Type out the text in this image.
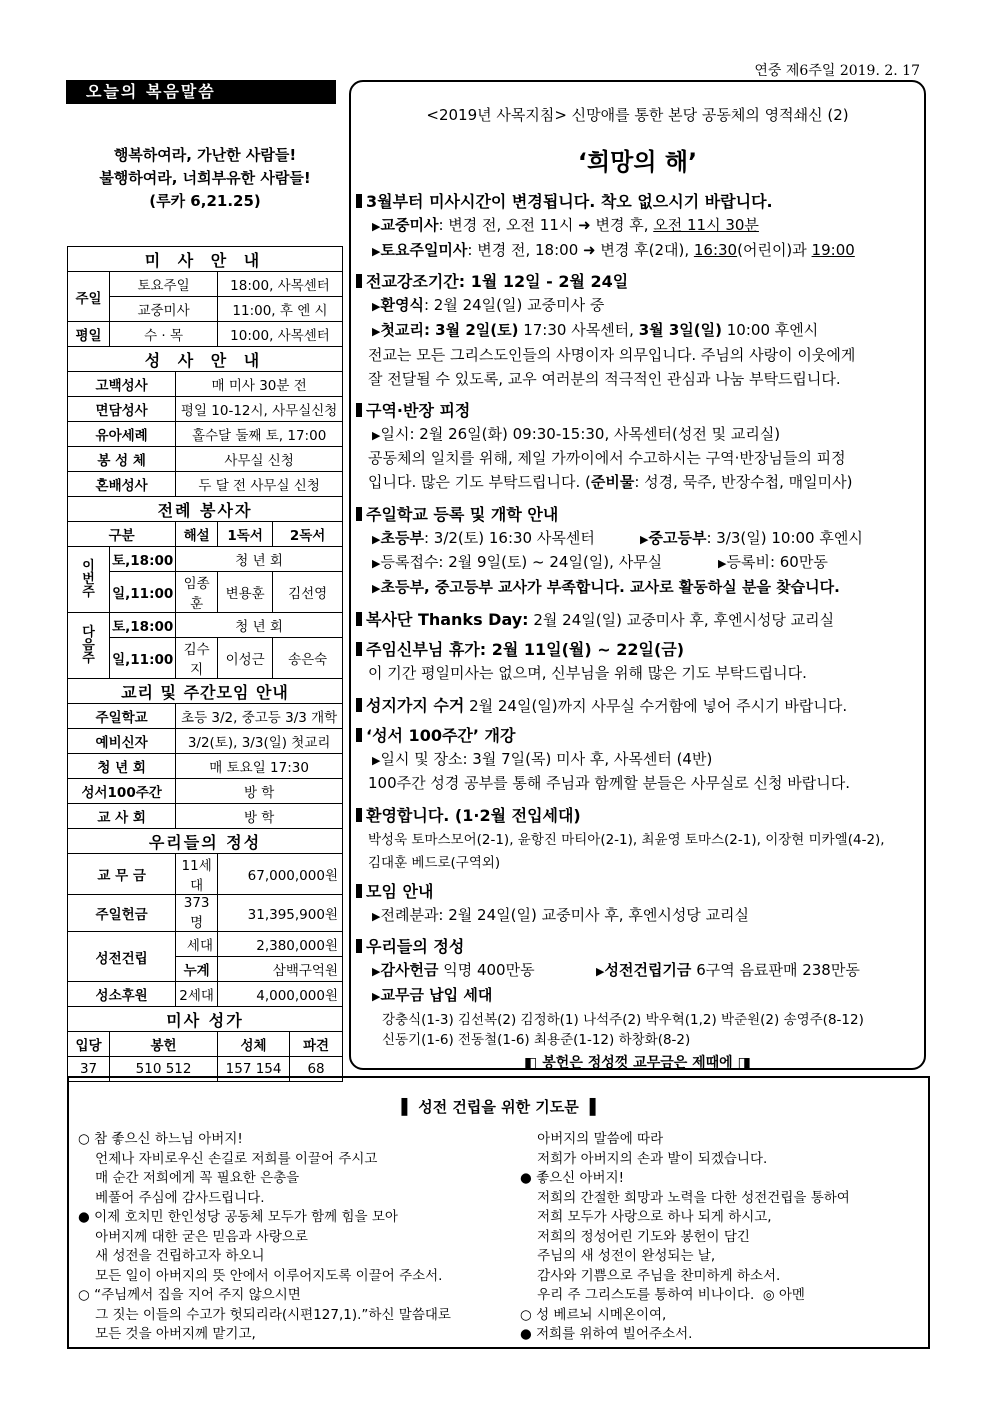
연중 제6주일 2019. 2. 17
오늘의 복음말씀
행복하여라, 가난한 사람들!
불행하여라, 너희부유한 사람들!
(루카 6,21.25)
미 사 안 내					
주일	토요주일		18:00, 사목센터		
	교중미사		11:00, 후 엔 시		
평일	수 · 목		10:00, 사목센터		
성 사 안 내					
고백성사		매 미사 30분 전			
면담성사		평일 10-12시, 사무실신청			
유아세례		홀수달 둘째 토, 17:00			
봉 성 체		사무실 신청			
혼배성사		두 달 전 사무실 신청			
전례 봉사자					
구분		해설	1독서	2독서	

이
번
주	토,18:00	청 년 회			
	일,11:00	임종훈	변용훈	김선영	

다
음
주	토,18:00	청 년 회			
	일,11:00	김수지	이성근	송은숙	
교리 및 주간모임 안내					
주일학교		초등 3/2, 중고등 3/3 개학			
예비신자		3/2(토), 3/3(일) 첫교리			
청 년 회		매 토요일 17:30			
성서100주간		방 학			
교 사 회		방 학			
우리들의 정성					
교 무 금		11세대	67,000,000원		
주일헌금		373명	31,395,900원		
성전건립		세대	2,380,000원		
		누계	삼백구억원		
성소후원		2세대	4,000,000원		
미사 성가					
입당	봉헌		성체		파견
37	510 512		157 154		68
<2019년 사목지침> 신망애를 통한 본당 공동체의 영적쇄신 (2)
‘희망의 해’
3월부터 미사시간이 변경됩니다. 착오 없으시기 바랍니다.
▶교중미사: 변경 전, 오전 11시 ➜ 변경 후, 오전 11시 30분
▶토요주일미사: 변경 전, 18:00 ➜ 변경 후(2대), 16:30(어린이)과 19:00
전교강조기간: 1월 12일 - 2월 24일
▶환영식: 2월 24일(일) 교중미사 중
▶첫교리: 3월 2일(토) 17:30 사목센터, 3월 3일(일) 10:00 후엔시
전교는 모든 그리스도인들의 사명이자 의무입니다. 주님의 사랑이 이웃에게
잘 전달될 수 있도록, 교우 여러분의 적극적인 관심과 나눔 부탁드립니다.
구역·반장 피정
▶일시: 2월 26일(화) 09:30-15:30, 사목센터(성전 및 교리실)
공동체의 일치를 위해, 제일 가까이에서 수고하시는 구역·반장님들의 피정
입니다. 많은 기도 부탁드립니다. (준비물: 성경, 묵주, 반장수첩, 매일미사)
주일학교 등록 및 개학 안내
▶초등부: 3/2(토) 16:30 사목센터	▶중고등부: 3/3(일) 10:00 후엔시
▶등록접수: 2월 9일(토) ~ 24일(일), 사무실	▶등록비: 60만동
▶초등부, 중고등부 교사가 부족합니다. 교사로 활동하실 분을 찾습니다.
복사단 Thanks Day: 2월 24일(일) 교중미사 후, 후엔시성당 교리실
주임신부님 휴가: 2월 11일(월) ~ 22일(금)
이 기간 평일미사는 없으며, 신부님을 위해 많은 기도 부탁드립니다.
성지가지 수거 2월 24일(일)까지 사무실 수거함에 넣어 주시기 바랍니다.
‘성서 100주간’ 개강
▶일시 및 장소: 3월 7일(목) 미사 후, 사목센터 (4반)
100주간 성경 공부를 통해 주님과 함께할 분들은 사무실로 신청 바랍니다.
환영합니다. (1·2월 전입세대)
박성욱 토마스모어(2-1), 윤항진 마티아(2-1), 최윤영 토마스(2-1), 이장현 미카엘(4-2),
김대훈 베드로(구역외)
모임 안내
▶전례분과: 2월 24일(일) 교중미사 후, 후엔시성당 교리실
우리들의 정성
▶감사헌금 익명 400만동	▶성전건립기금 6구역 음료판매 238만동
▶교무금 납입 세대
강충식(1-3) 김선복(2) 김정하(1) 나석주(2) 박우혁(1,2) 박준원(2) 송영주(8-12)
신동기(1-6) 전동철(1-6) 최용준(1-12) 하창화(8-2)
◧ 봉헌은 정성껏 교무금은 제때에 ◨
▌ 성전 건립을 위한 기도문 ▐
○ 참 좋으신 하느님 아버지!
언제나 자비로우신 손길로 저희를 이끌어 주시고
매 순간 저희에게 꼭 필요한 은총을
베풀어 주심에 감사드립니다.
● 이제 호치민 한인성당 공동체 모두가 함께 힘을 모아
아버지께 대한 굳은 믿음과 사랑으로
새 성전을 건립하고자 하오니
모든 일이 아버지의 뜻 안에서 이루어지도록 이끌어 주소서.
○ “주님께서 집을 지어 주지 않으시면
그 짓는 이들의 수고가 헛되리라(시편127,1).”하신 말씀대로
모든 것을 아버지께 맡기고,
아버지의 말씀에 따라
저희가 아버지의 손과 발이 되겠습니다.
● 좋으신 아버지!
저희의 간절한 희망과 노력을 다한 성전건립을 통하여
저희 모두가 사랑으로 하나 되게 하시고,
저희의 정성어린 기도와 봉헌이 담긴
주님의 새 성전이 완성되는 날,
감사와 기쁨으로 주님을 찬미하게 하소서.
우리 주 그리스도를 통하여 비나이다.  ◎ 아멘
○ 성 베르뇌 시메온이여,
● 저희를 위하여 빌어주소서.
